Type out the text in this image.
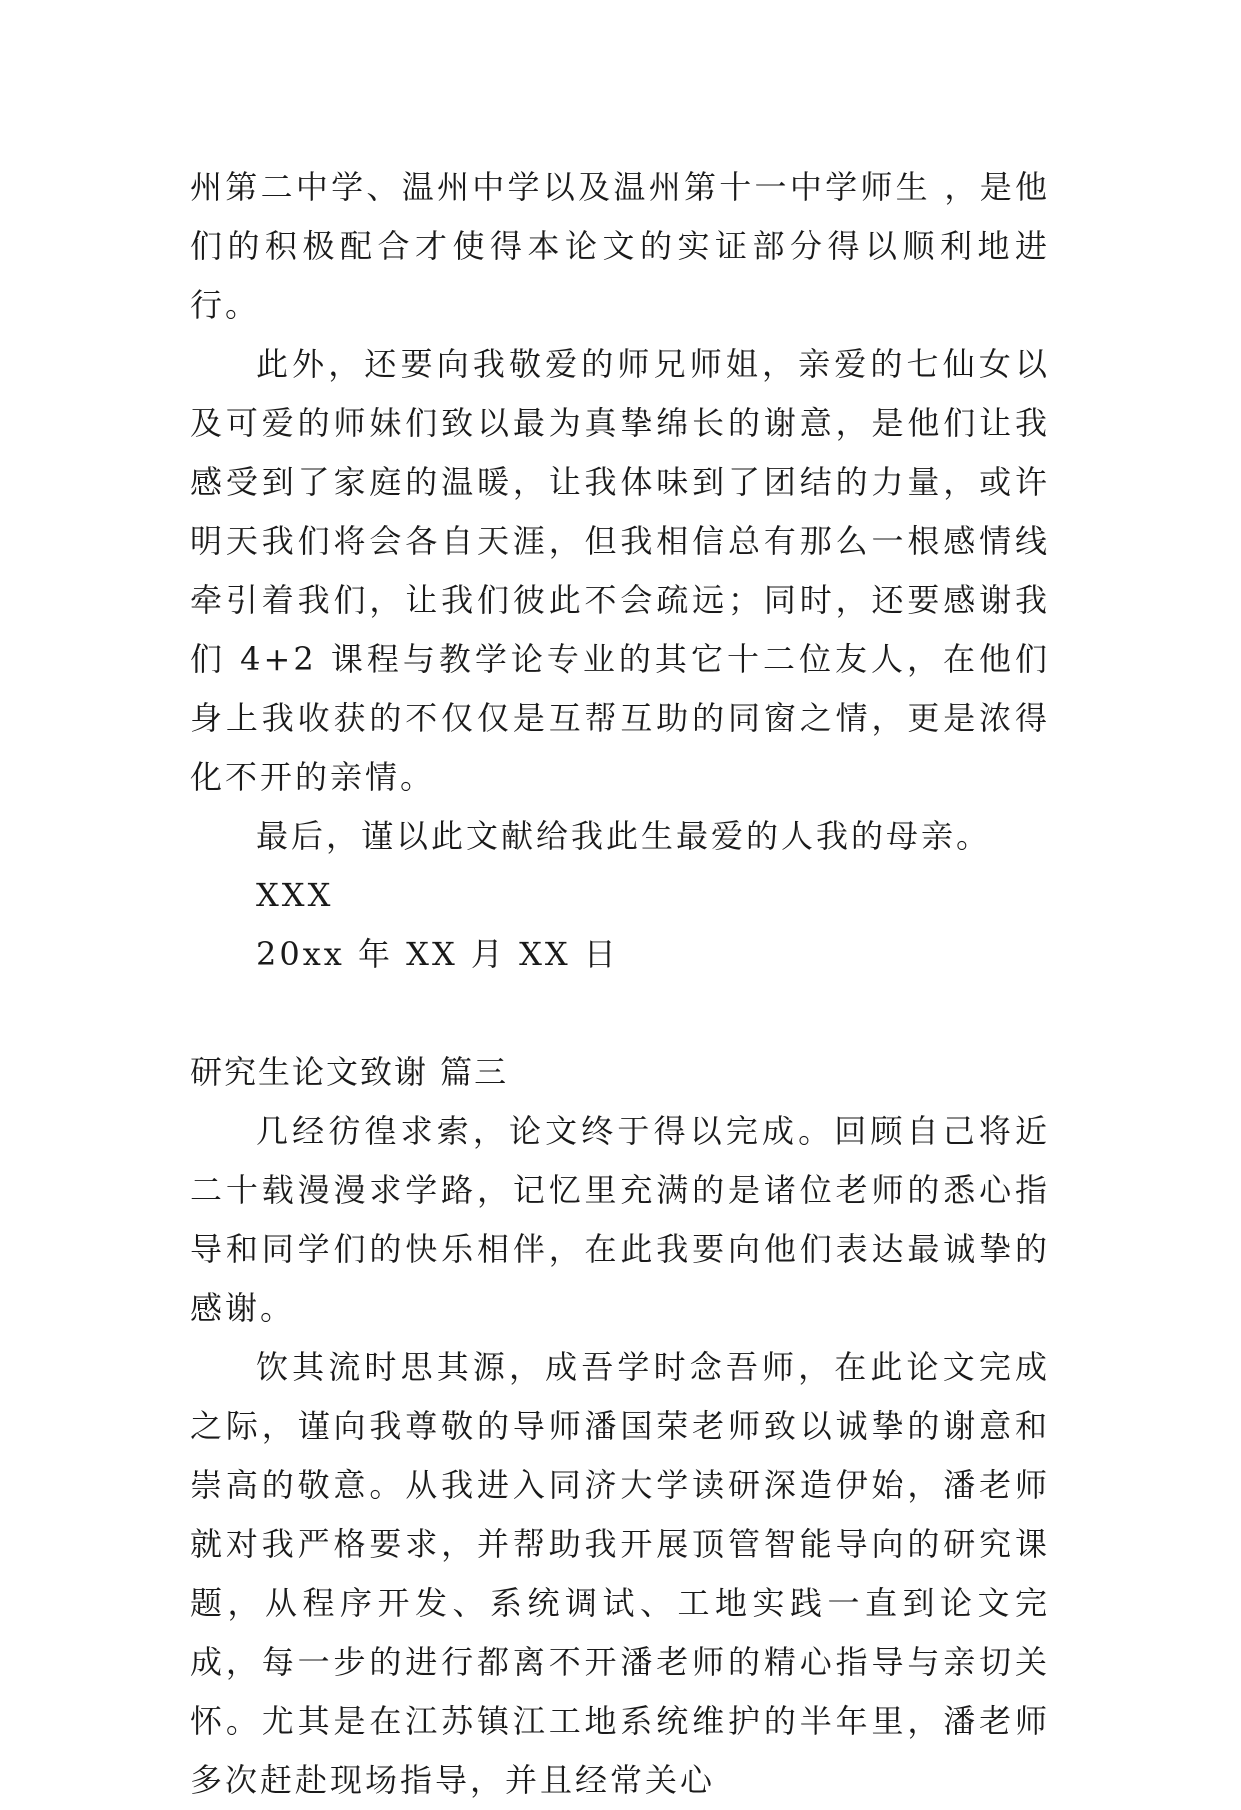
州第二中学、温州中学以及温州第十一中学师生 ，是他们的积极配合才使得本论文的实证部分得以顺利地进行。

此外，还要向我敬爱的师兄师姐，亲爱的七仙女以及可爱的师妹们致以最为真挚绵长的谢意，是他们让我感受到了家庭的温暖，让我体味到了团结的力量，或许明天我们将会各自天涯，但我相信总有那么一根感情线牵引着我们，让我们彼此不会疏远；同时，还要感谢我们 4+2 课程与教学论专业的其它十二位友人，在他们身上我收获的不仅仅是互帮互助的同窗之情，更是浓得化不开的亲情。

最后，谨以此文献给我此生最爱的人我的母亲。

XXX

20xx 年 XX 月 XX 日

研究生论文致谢 篇三

几经彷徨求索，论文终于得以完成。回顾自己将近二十载漫漫求学路，记忆里充满的是诸位老师的悉心指导和同学们的快乐相伴，在此我要向他们表达最诚挚的感谢。

饮其流时思其源，成吾学时念吾师，在此论文完成之际，谨向我尊敬的导师潘国荣老师致以诚挚的谢意和崇高的敬意。从我进入同济大学读研深造伊始，潘老师就对我严格要求，并帮助我开展顶管智能导向的研究课题，从程序开发、系统调试、工地实践一直到论文完成，每一步的进行都离不开潘老师的精心指导与亲切关怀。尤其是在江苏镇江工地系统维护的半年里，潘老师多次赶赴现场指导，并且经常关心
